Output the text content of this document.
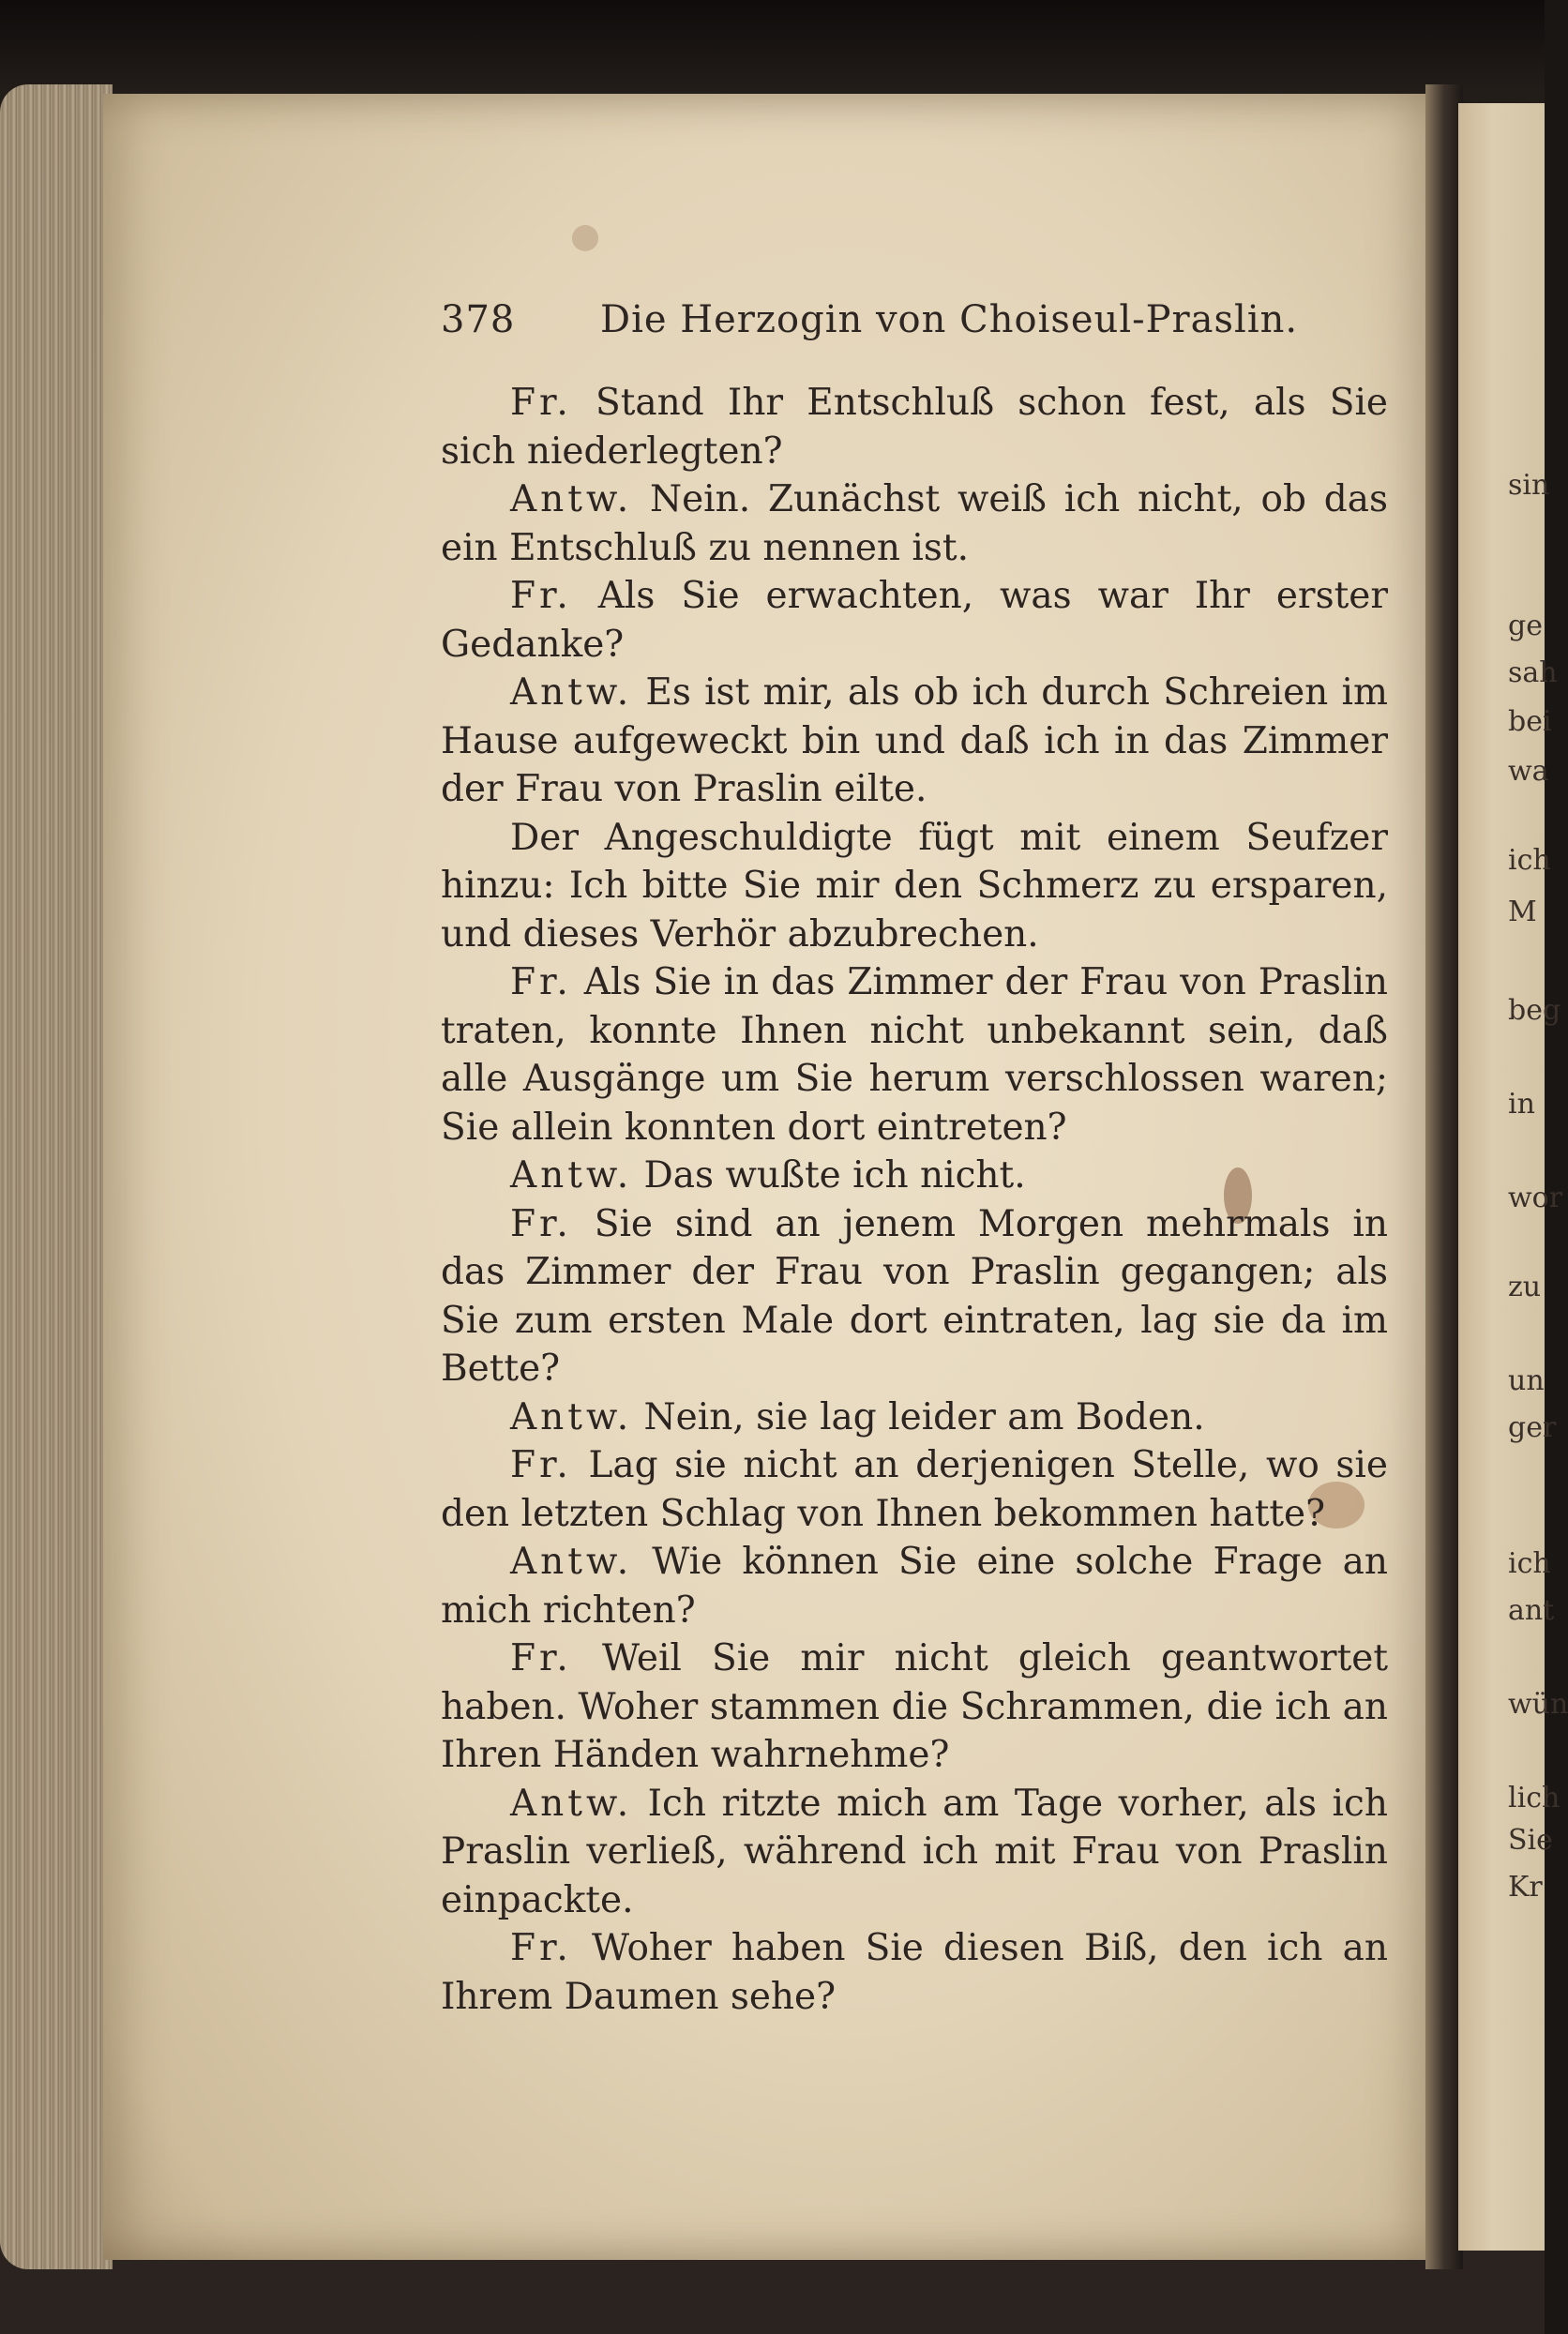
sin
ge
sah
bei
wa
ich
M
beg
in
wor
zu
un
ger
ich
ant
wün
lich
Sie
Kr
378 Die Herzogin von Choiseul-Praslin.

Fr. Stand Ihr Entschluß schon fest, als Sie sich niederlegten?

Antw. Nein. Zunächst weiß ich nicht, ob das ein Entschluß zu nennen ist.

Fr. Als Sie erwachten, was war Ihr erster Gedanke?

Antw. Es ist mir, als ob ich durch Schreien im Hause aufgeweckt bin und daß ich in das Zimmer der Frau von Praslin eilte.

Der Angeschuldigte fügt mit einem Seufzer hinzu: Ich bitte Sie mir den Schmerz zu ersparen, und dieses Verhör abzubrechen.

Fr. Als Sie in das Zimmer der Frau von Praslin traten, konnte Ihnen nicht unbekannt sein, daß alle Ausgänge um Sie herum verschlossen waren; Sie allein konnten dort eintreten?

Antw. Das wußte ich nicht.

Fr. Sie sind an jenem Morgen mehrmals in das Zimmer der Frau von Praslin gegangen; als Sie zum ersten Male dort eintraten, lag sie da im Bette?

Antw. Nein, sie lag leider am Boden.

Fr. Lag sie nicht an derjenigen Stelle, wo sie den letzten Schlag von Ihnen bekommen hatte?

Antw. Wie können Sie eine solche Frage an mich richten?

Fr. Weil Sie mir nicht gleich geantwortet haben. Woher stammen die Schrammen, die ich an Ihren Händen wahrnehme?

Antw. Ich ritzte mich am Tage vorher, als ich Praslin verließ, während ich mit Frau von Praslin einpackte.

Fr. Woher haben Sie diesen Biß, den ich an Ihrem Daumen sehe?
